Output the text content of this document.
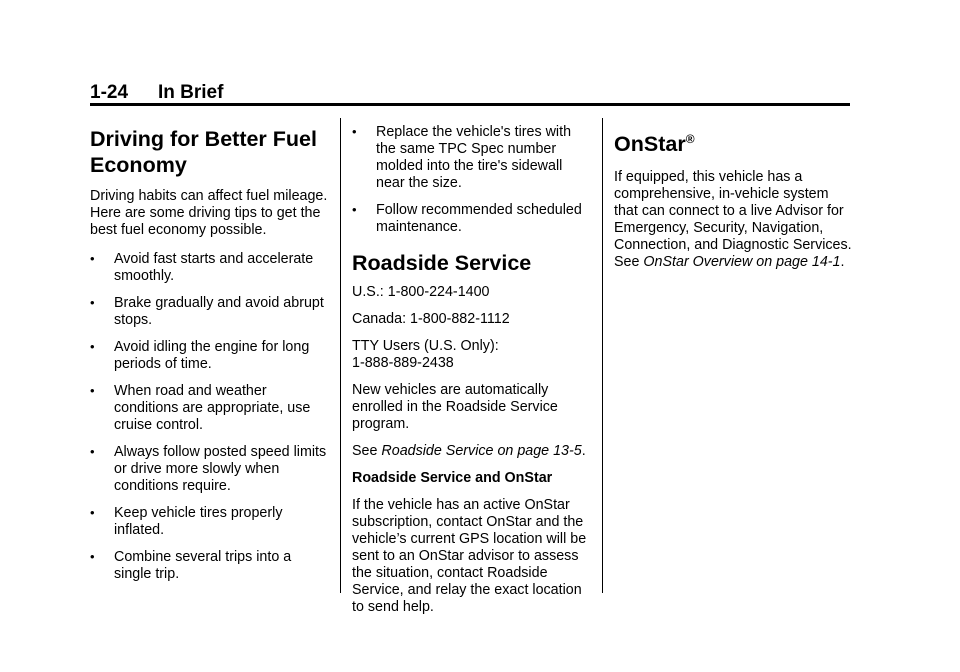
1-24 In Brief
Driving for Better Fuel Economy

Driving habits can affect fuel mileage. Here are some driving tips to get the best fuel economy possible.

• Avoid fast starts and accelerate smoothly.
• Brake gradually and avoid abrupt stops.
• Avoid idling the engine for long periods of time.
• When road and weather conditions are appropriate, use cruise control.
• Always follow posted speed limits or drive more slowly when conditions require.
• Keep vehicle tires properly inflated.
• Combine several trips into a single trip.
• Replace the vehicle's tires with the same TPC Spec number molded into the tire's sidewall near the size.
• Follow recommended scheduled maintenance.
Roadside Service

U.S.: 1-800-224-1400

Canada: 1-800-882-1112

TTY Users (U.S. Only):
1-888-889-2438

New vehicles are automatically enrolled in the Roadside Service program.

See Roadside Service on page 13-5.

Roadside Service and OnStar

If the vehicle has an active OnStar subscription, contact OnStar and the vehicle’s current GPS location will be sent to an OnStar advisor to assess the situation, contact Roadside Service, and relay the exact location to send help.

OnStar®

If equipped, this vehicle has a comprehensive, in-vehicle system that can connect to a live Advisor for Emergency, Security, Navigation, Connection, and Diagnostic Services. See OnStar Overview on page 14-1.
